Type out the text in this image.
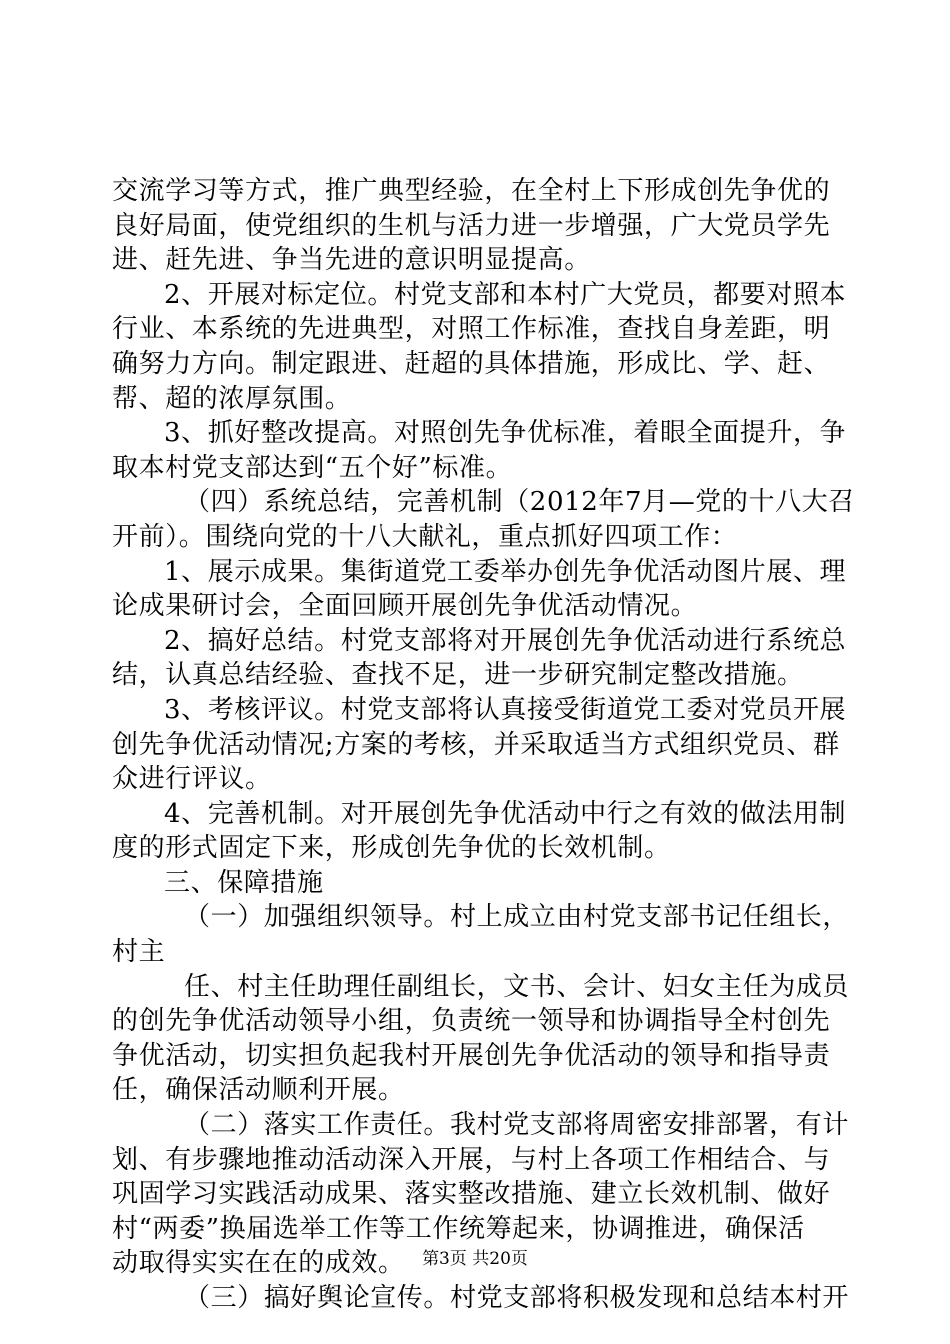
交流学习等方式，推广典型经验，在全村上下形成创先争优的

良好局面，使党组织的生机与活力进一步增强，广大党员学先

进、赶先进、争当先进的意识明显提高。

2、开展对标定位。村党支部和本村广大党员，都要对照本

行业、本系统的先进典型，对照工作标准，查找自身差距，明

确努力方向。制定跟进、赶超的具体措施，形成比、学、赶、

帮、超的浓厚氛围。

3、抓好整改提高。对照创先争优标准，着眼全面提升，争

取本村党支部达到“五个好”标准。

（四）系统总结，完善机制（2012年7月—党的十八大召

开前）。围绕向党的十八大献礼，重点抓好四项工作：

1、展示成果。集街道党工委举办创先争优活动图片展、理

论成果研讨会，全面回顾开展创先争优活动情况。

2、搞好总结。村党支部将对开展创先争优活动进行系统总

结，认真总结经验、查找不足，进一步研究制定整改措施。

3、考核评议。村党支部将认真接受街道党工委对党员开展

创先争优活动情况;方案的考核，并采取适当方式组织党员、群

众进行评议。

4、完善机制。对开展创先争优活动中行之有效的做法用制

度的形式固定下来，形成创先争优的长效机制。

三、保障措施

（一）加强组织领导。村上成立由村党支部书记任组长，

村主

任、村主任助理任副组长，文书、会计、妇女主任为成员

的创先争优活动领导小组，负责统一领导和协调指导全村创先

争优活动，切实担负起我村开展创先争优活动的领导和指导责

任，确保活动顺利开展。

（二）落实工作责任。我村党支部将周密安排部署，有计

划、有步骤地推动活动深入开展，与村上各项工作相结合、与

巩固学习实践活动成果、落实整改措施、建立长效机制、做好

村“两委”换届选举工作等工作统筹起来，协调推进，确保活

动取得实实在在的成效。

（三）搞好舆论宣传。村党支部将积极发现和总结本村开

第3页 共20页
